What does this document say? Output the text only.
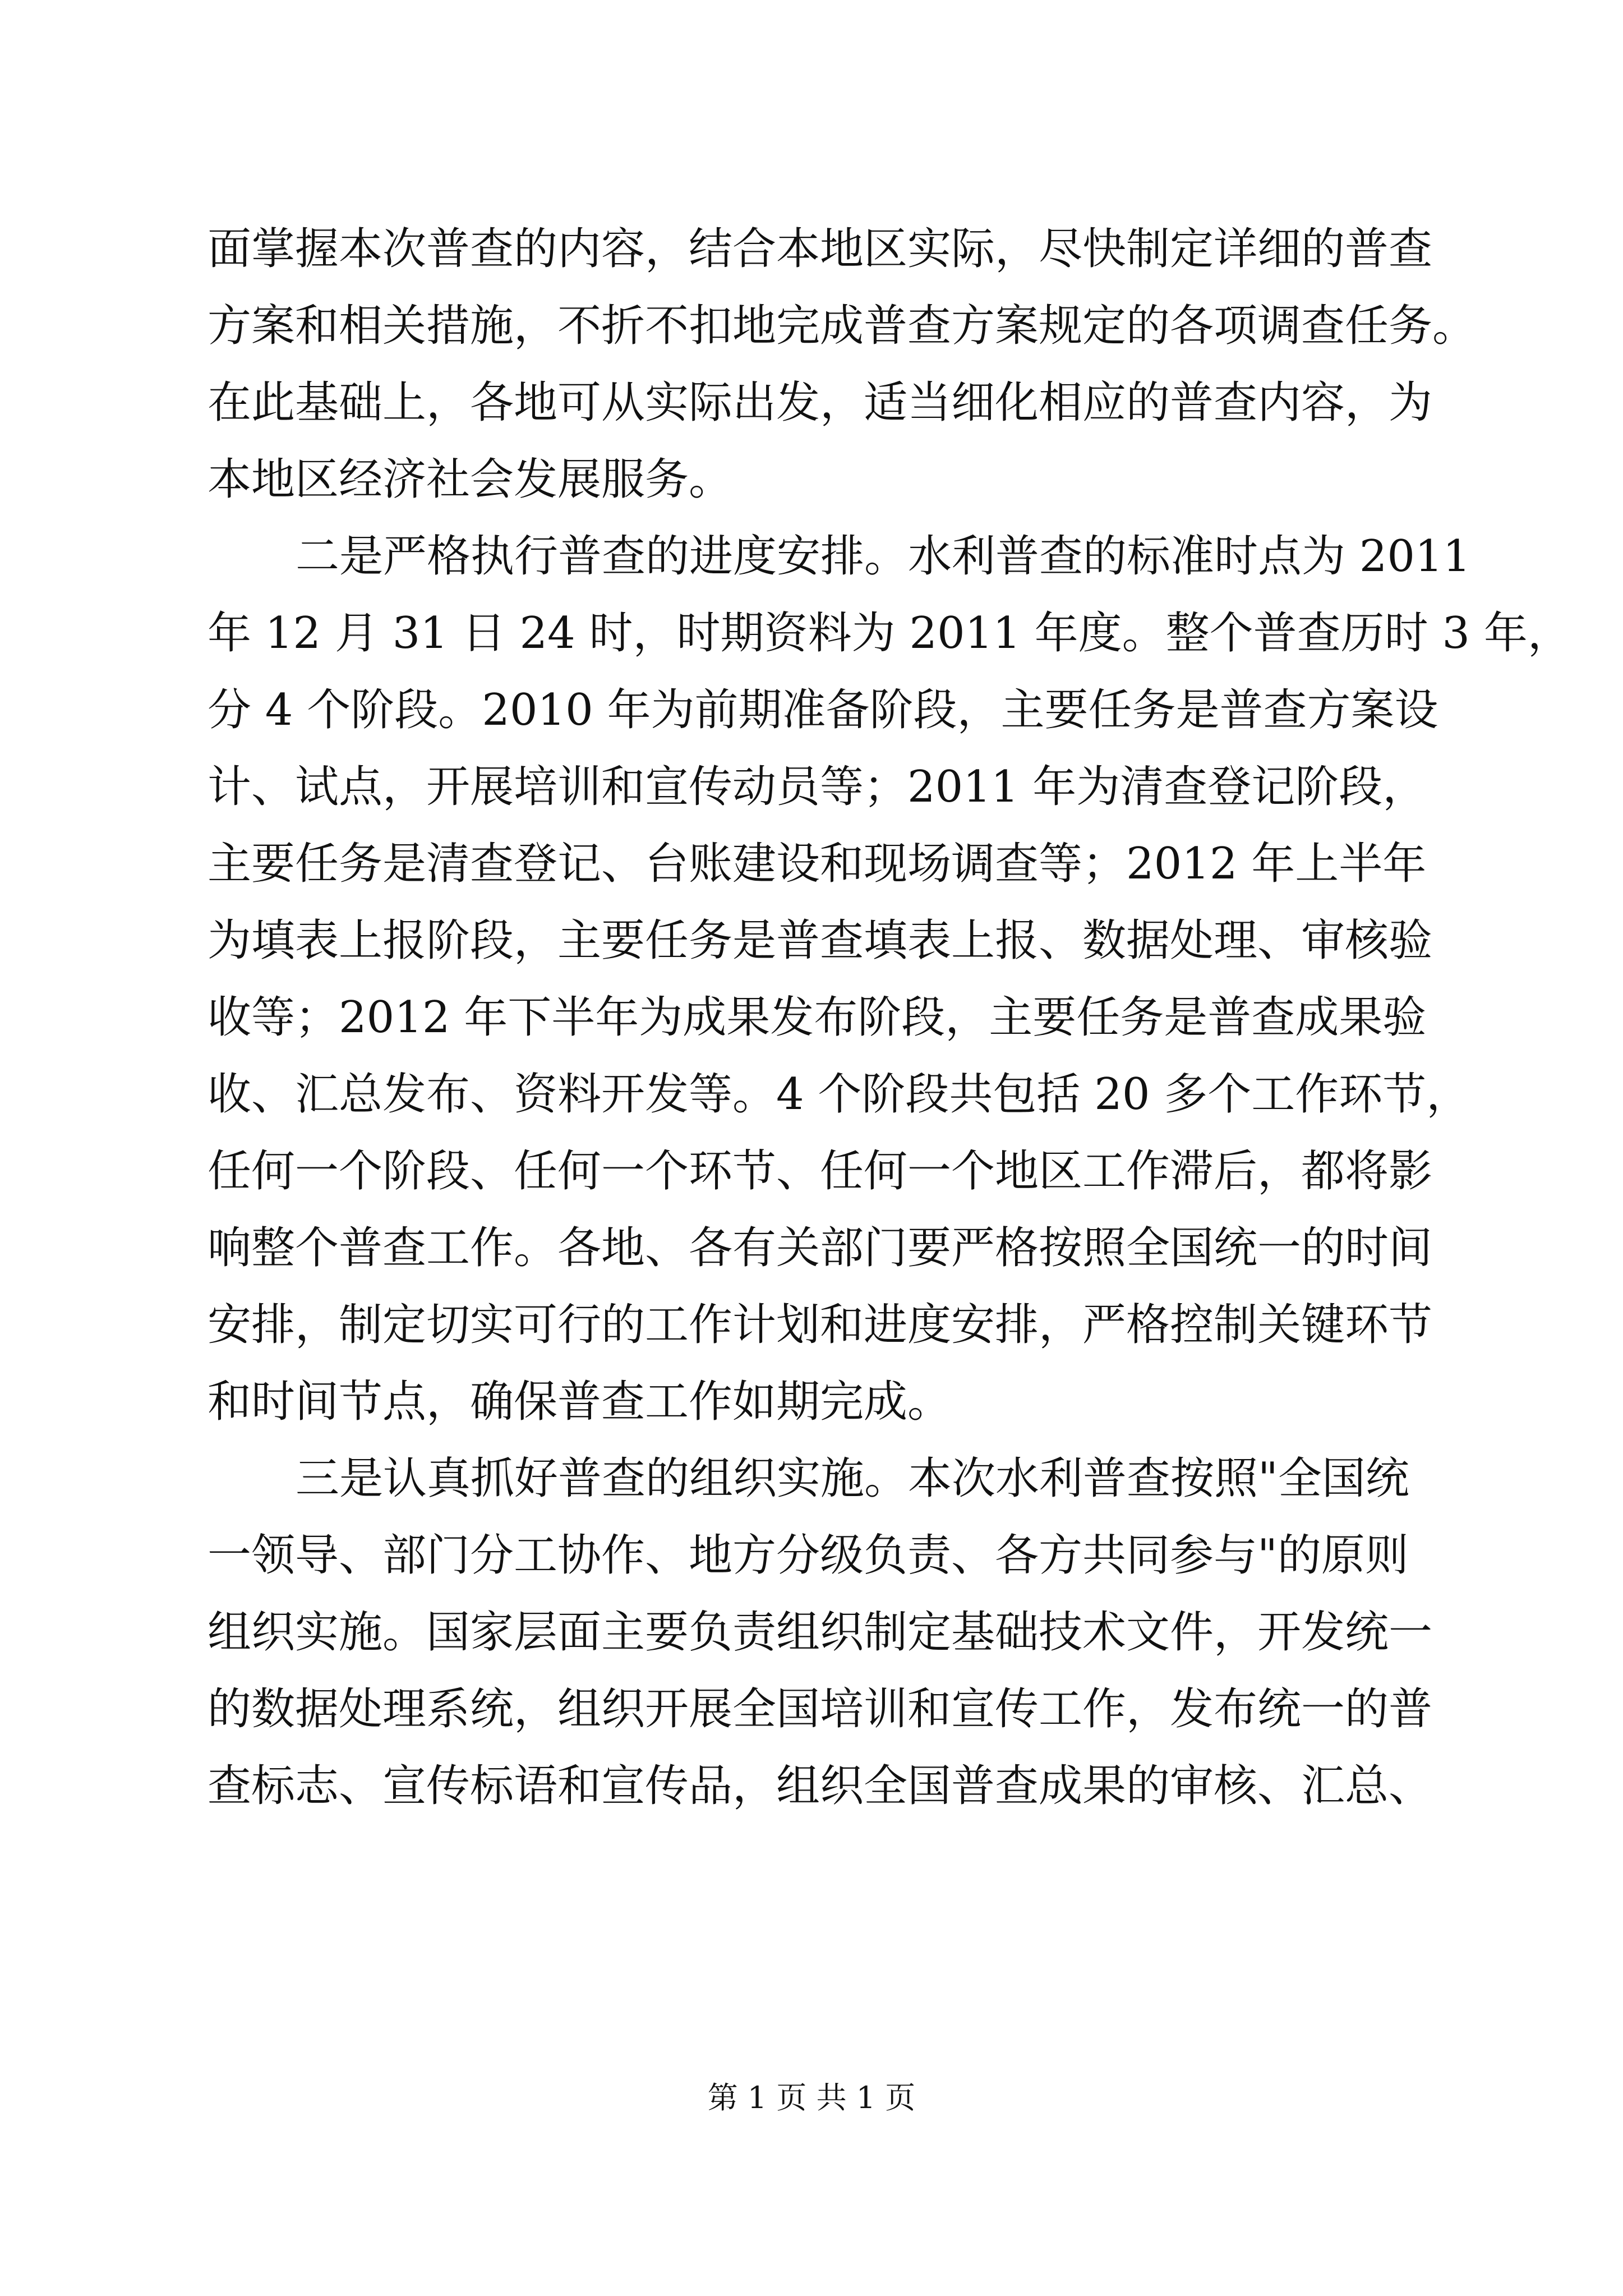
面掌握本次普查的内容，结合本地区实际，尽快制定详细的普查
方案和相关措施，不折不扣地完成普查方案规定的各项调查任务。
在此基础上，各地可从实际出发，适当细化相应的普查内容，为
本地区经济社会发展服务。
二是严格执行普查的进度安排。水利普查的标准时点为 2011
年 12 月 31 日 24 时，时期资料为 2011 年度。整个普查历时 3 年，
分 4 个阶段。2010 年为前期准备阶段，主要任务是普查方案设
计、试点，开展培训和宣传动员等；2011 年为清查登记阶段，
主要任务是清查登记、台账建设和现场调查等；2012 年上半年
为填表上报阶段，主要任务是普查填表上报、数据处理、审核验
收等；2012 年下半年为成果发布阶段，主要任务是普查成果验
收、汇总发布、资料开发等。4 个阶段共包括 20 多个工作环节，
任何一个阶段、任何一个环节、任何一个地区工作滞后，都将影
响整个普查工作。各地、各有关部门要严格按照全国统一的时间
安排，制定切实可行的工作计划和进度安排，严格控制关键环节
和时间节点，确保普查工作如期完成。
三是认真抓好普查的组织实施。本次水利普查按照"全国统
一领导、部门分工协作、地方分级负责、各方共同参与"的原则
组织实施。国家层面主要负责组织制定基础技术文件，开发统一
的数据处理系统，组织开展全国培训和宣传工作，发布统一的普
查标志、宣传标语和宣传品，组织全国普查成果的审核、汇总、
第 1 页 共 1 页
